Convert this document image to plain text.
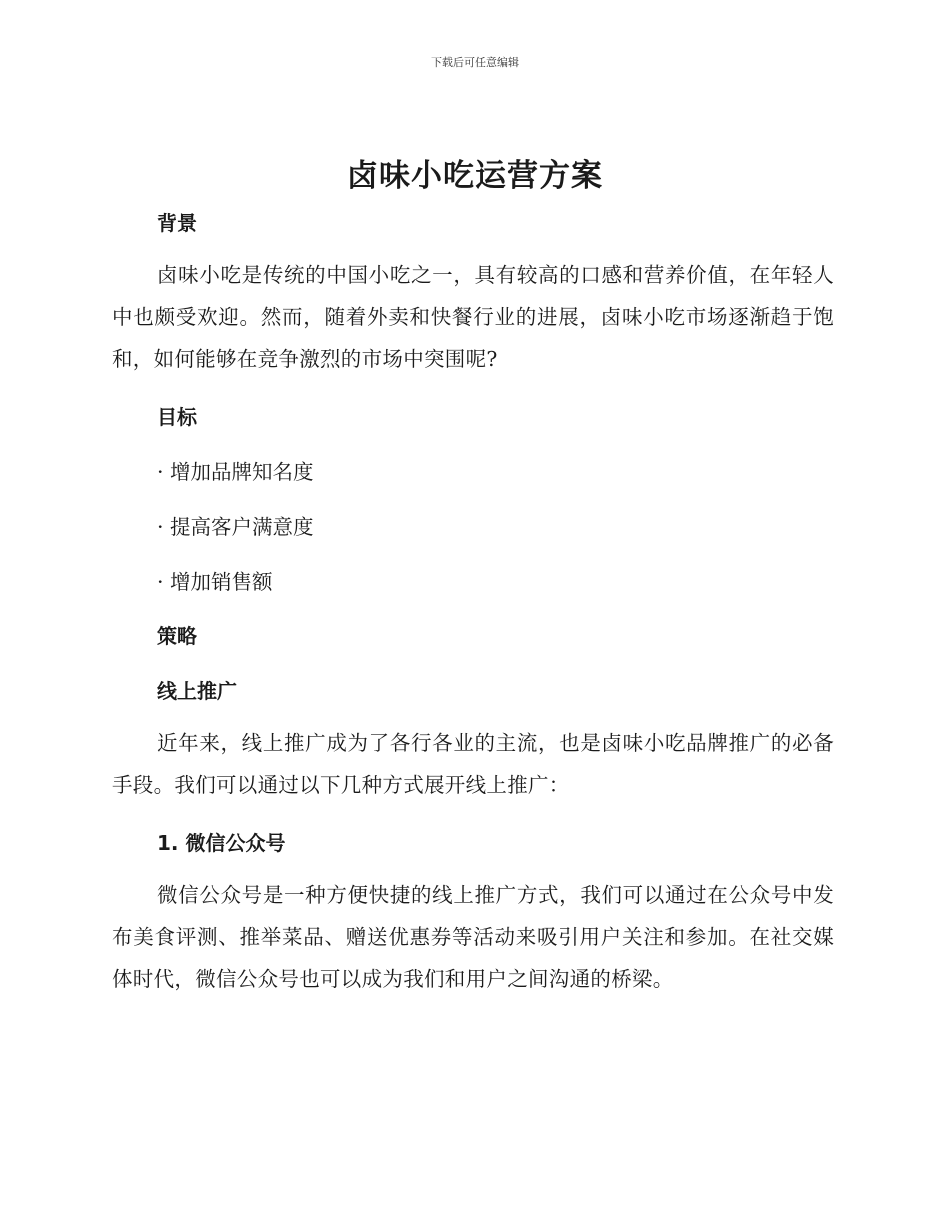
下载后可任意编辑
卤味小吃运营方案
背景
卤味小吃是传统的中国小吃之一，具有较高的口感和营养价值，在年轻人中也颇受欢迎。然而，随着外卖和快餐行业的进展，卤味小吃市场逐渐趋于饱和，如何能够在竞争激烈的市场中突围呢?
目标
· 增加品牌知名度
· 提高客户满意度
· 增加销售额
策略
线上推广
近年来，线上推广成为了各行各业的主流，也是卤味小吃品牌推广的必备手段。我们可以通过以下几种方式展开线上推广：
1. 微信公众号
微信公众号是一种方便快捷的线上推广方式，我们可以通过在公众号中发布美食评测、推举菜品、赠送优惠券等活动来吸引用户关注和参加。在社交媒体时代，微信公众号也可以成为我们和用户之间沟通的桥梁。
